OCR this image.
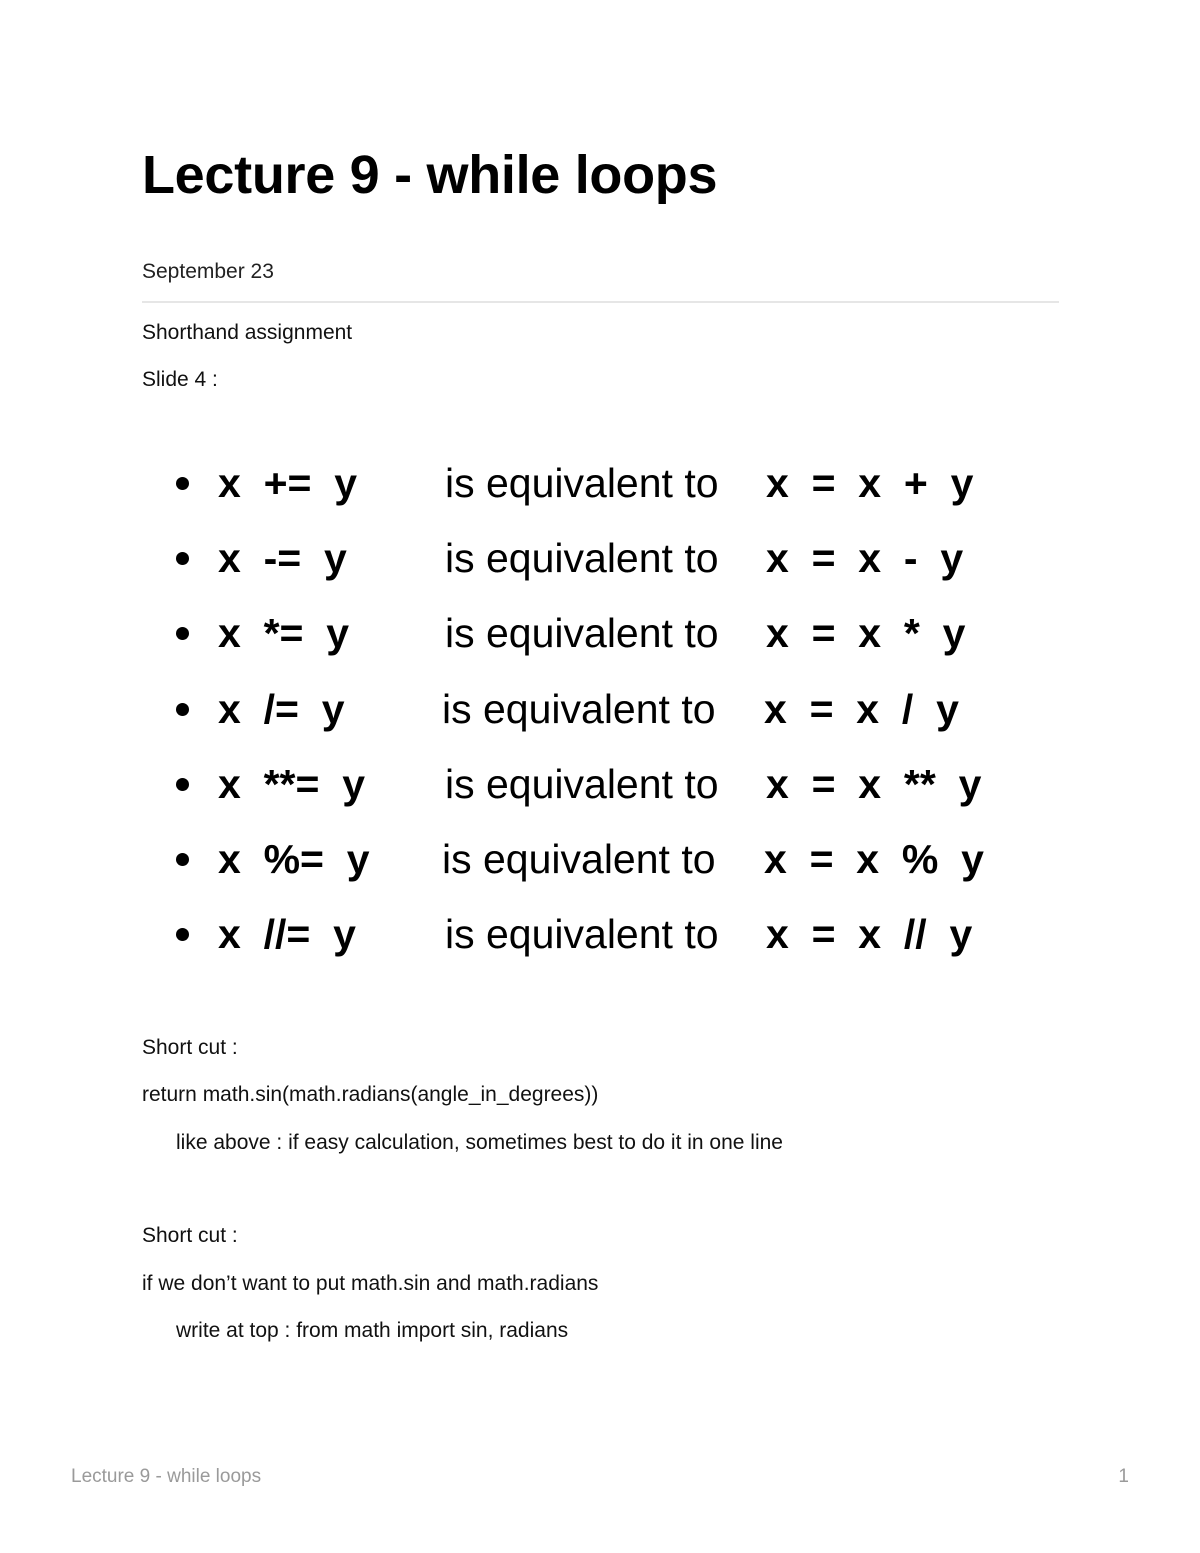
Lecture 9 - while loops
September 23
Shorthand assignment
Slide 4 :
x  +=  y is equivalent to x  =  x  +  y
x  -=  y is equivalent to x  =  x  -  y
x  *=  y is equivalent to x  =  x  *  y
x  /=  y is equivalent to x  =  x  /  y
x  **=  y is equivalent to x  =  x  **  y
x  %=  y is equivalent to x  =  x  %  y
x  //=  y is equivalent to x  =  x  //  y
Short cut :
return math.sin(math.radians(angle_in_degrees))
like above : if easy calculation, sometimes best to do it in one line
Short cut :
if we don’t want to put math.sin and math.radians
write at top : from math import sin, radians
Lecture 9 - while loops	1
